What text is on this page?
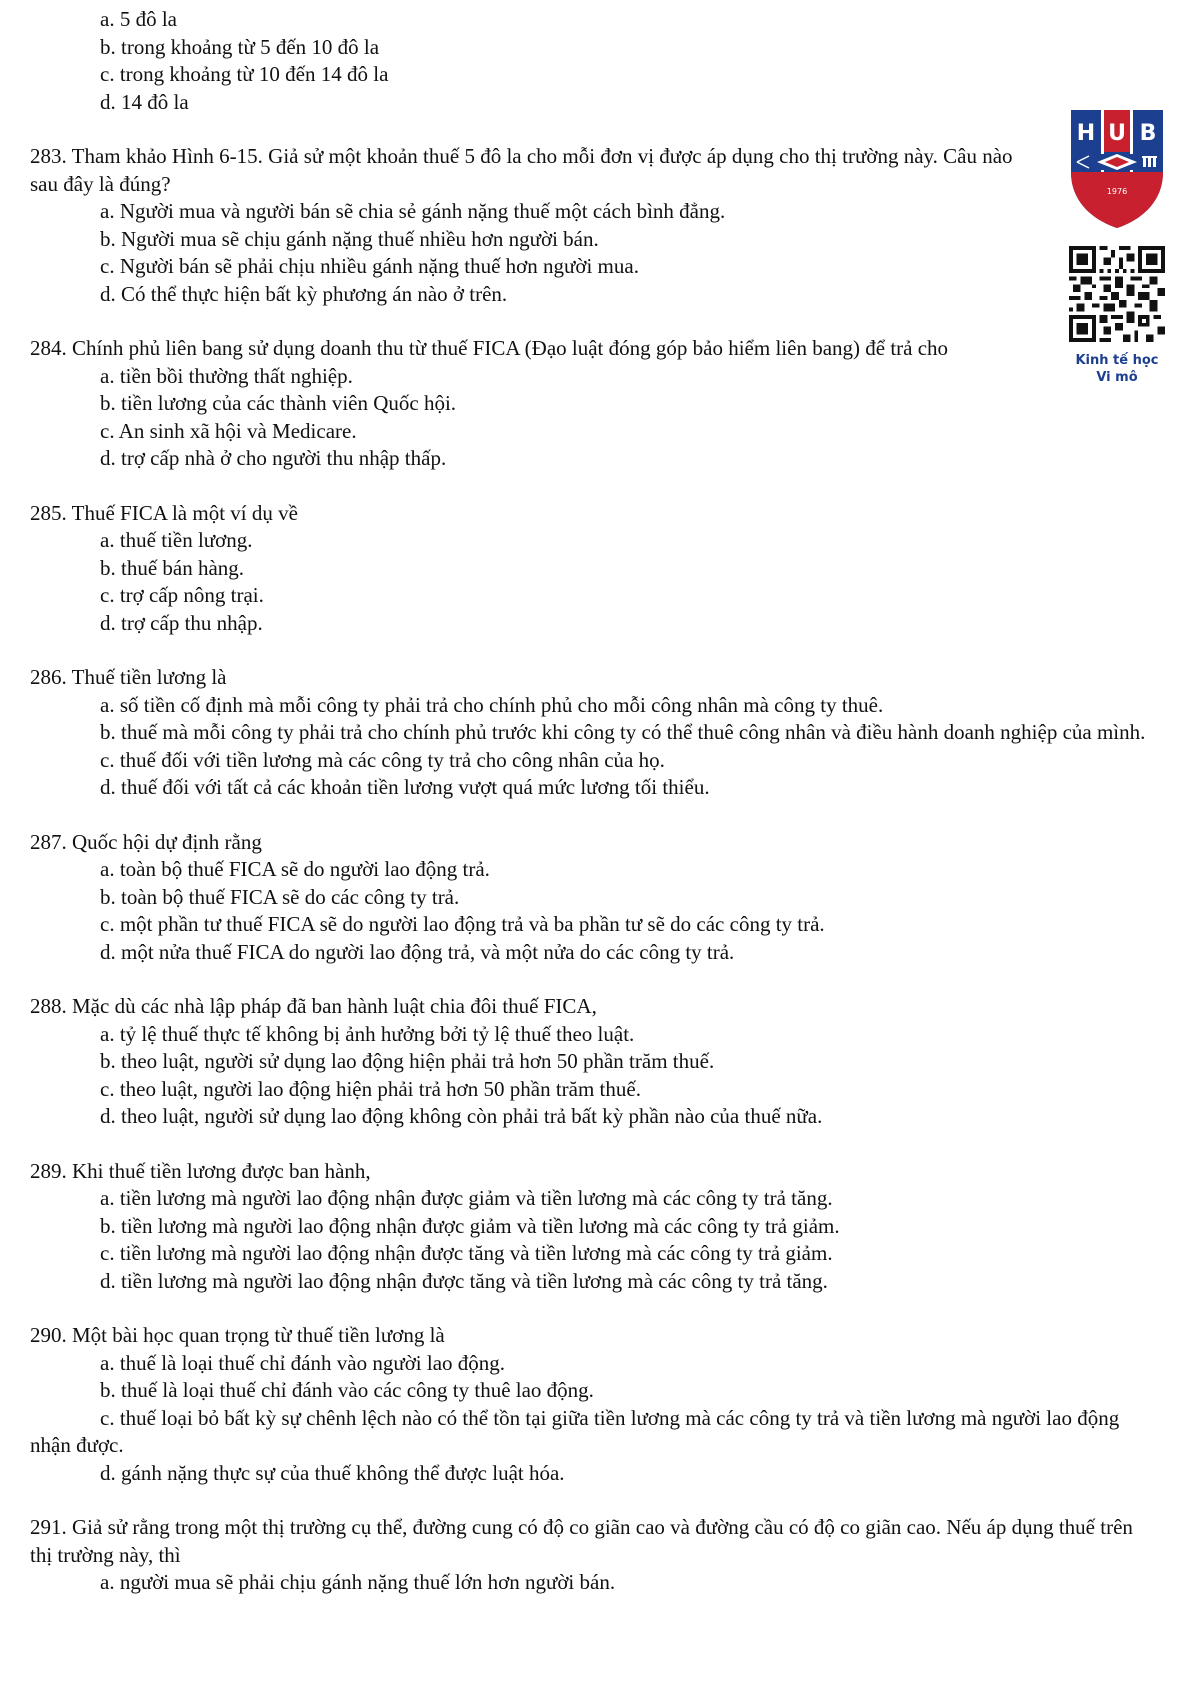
a. 5 đô la

b. trong khoảng từ 5 đến 10 đô la

c. trong khoảng từ 10 đến 14 đô la

d. 14 đô la

283. Tham khảo Hình 6-15. Giả sử một khoản thuế 5 đô la cho mỗi đơn vị được áp dụng cho thị trường này. Câu nào sau đây là đúng?

a. Người mua và người bán sẽ chia sẻ gánh nặng thuế một cách bình đẳng.

b. Người mua sẽ chịu gánh nặng thuế nhiều hơn người bán.

c. Người bán sẽ phải chịu nhiều gánh nặng thuế hơn người mua.

d. Có thể thực hiện bất kỳ phương án nào ở trên.

284. Chính phủ liên bang sử dụng doanh thu từ thuế FICA (Đạo luật đóng góp bảo hiểm liên bang) để trả cho

a. tiền bồi thường thất nghiệp.

b. tiền lương của các thành viên Quốc hội.

c. An sinh xã hội và Medicare.

d. trợ cấp nhà ở cho người thu nhập thấp.

285. Thuế FICA là một ví dụ về

a. thuế tiền lương.

b. thuế bán hàng.

c. trợ cấp nông trại.

d. trợ cấp thu nhập.

286. Thuế tiền lương là

a. số tiền cố định mà mỗi công ty phải trả cho chính phủ cho mỗi công nhân mà công ty thuê.

b. thuế mà mỗi công ty phải trả cho chính phủ trước khi công ty có thể thuê công nhân và điều hành doanh nghiệp của mình.

c. thuế đối với tiền lương mà các công ty trả cho công nhân của họ.

d. thuế đối với tất cả các khoản tiền lương vượt quá mức lương tối thiểu.

287. Quốc hội dự định rằng

a. toàn bộ thuế FICA sẽ do người lao động trả.

b. toàn bộ thuế FICA sẽ do các công ty trả.

c. một phần tư thuế FICA sẽ do người lao động trả và ba phần tư sẽ do các công ty trả.

d. một nửa thuế FICA do người lao động trả, và một nửa do các công ty trả.

288. Mặc dù các nhà lập pháp đã ban hành luật chia đôi thuế FICA,

a. tỷ lệ thuế thực tế không bị ảnh hưởng bởi tỷ lệ thuế theo luật.

b. theo luật, người sử dụng lao động hiện phải trả hơn 50 phần trăm thuế.

c. theo luật, người lao động hiện phải trả hơn 50 phần trăm thuế.

d. theo luật, người sử dụng lao động không còn phải trả bất kỳ phần nào của thuế nữa.

289. Khi thuế tiền lương được ban hành,

a. tiền lương mà người lao động nhận được giảm và tiền lương mà các công ty trả tăng.

b. tiền lương mà người lao động nhận được giảm và tiền lương mà các công ty trả giảm.

c. tiền lương mà người lao động nhận được tăng và tiền lương mà các công ty trả giảm.

d. tiền lương mà người lao động nhận được tăng và tiền lương mà các công ty trả tăng.

290. Một bài học quan trọng từ thuế tiền lương là

a. thuế là loại thuế chỉ đánh vào người lao động.

b. thuế là loại thuế chỉ đánh vào các công ty thuê lao động.

c. thuế loại bỏ bất kỳ sự chênh lệch nào có thể tồn tại giữa tiền lương mà các công ty trả và tiền lương mà người lao động nhận được.

d. gánh nặng thực sự của thuế không thể được luật hóa.

291. Giả sử rằng trong một thị trường cụ thể, đường cung có độ co giãn cao và đường cầu có độ co giãn cao. Nếu áp dụng thuế trên thị trường này, thì

a. người mua sẽ phải chịu gánh nặng thuế lớn hơn người bán.

H U B
1976
Kinh tế học
Vi mô
